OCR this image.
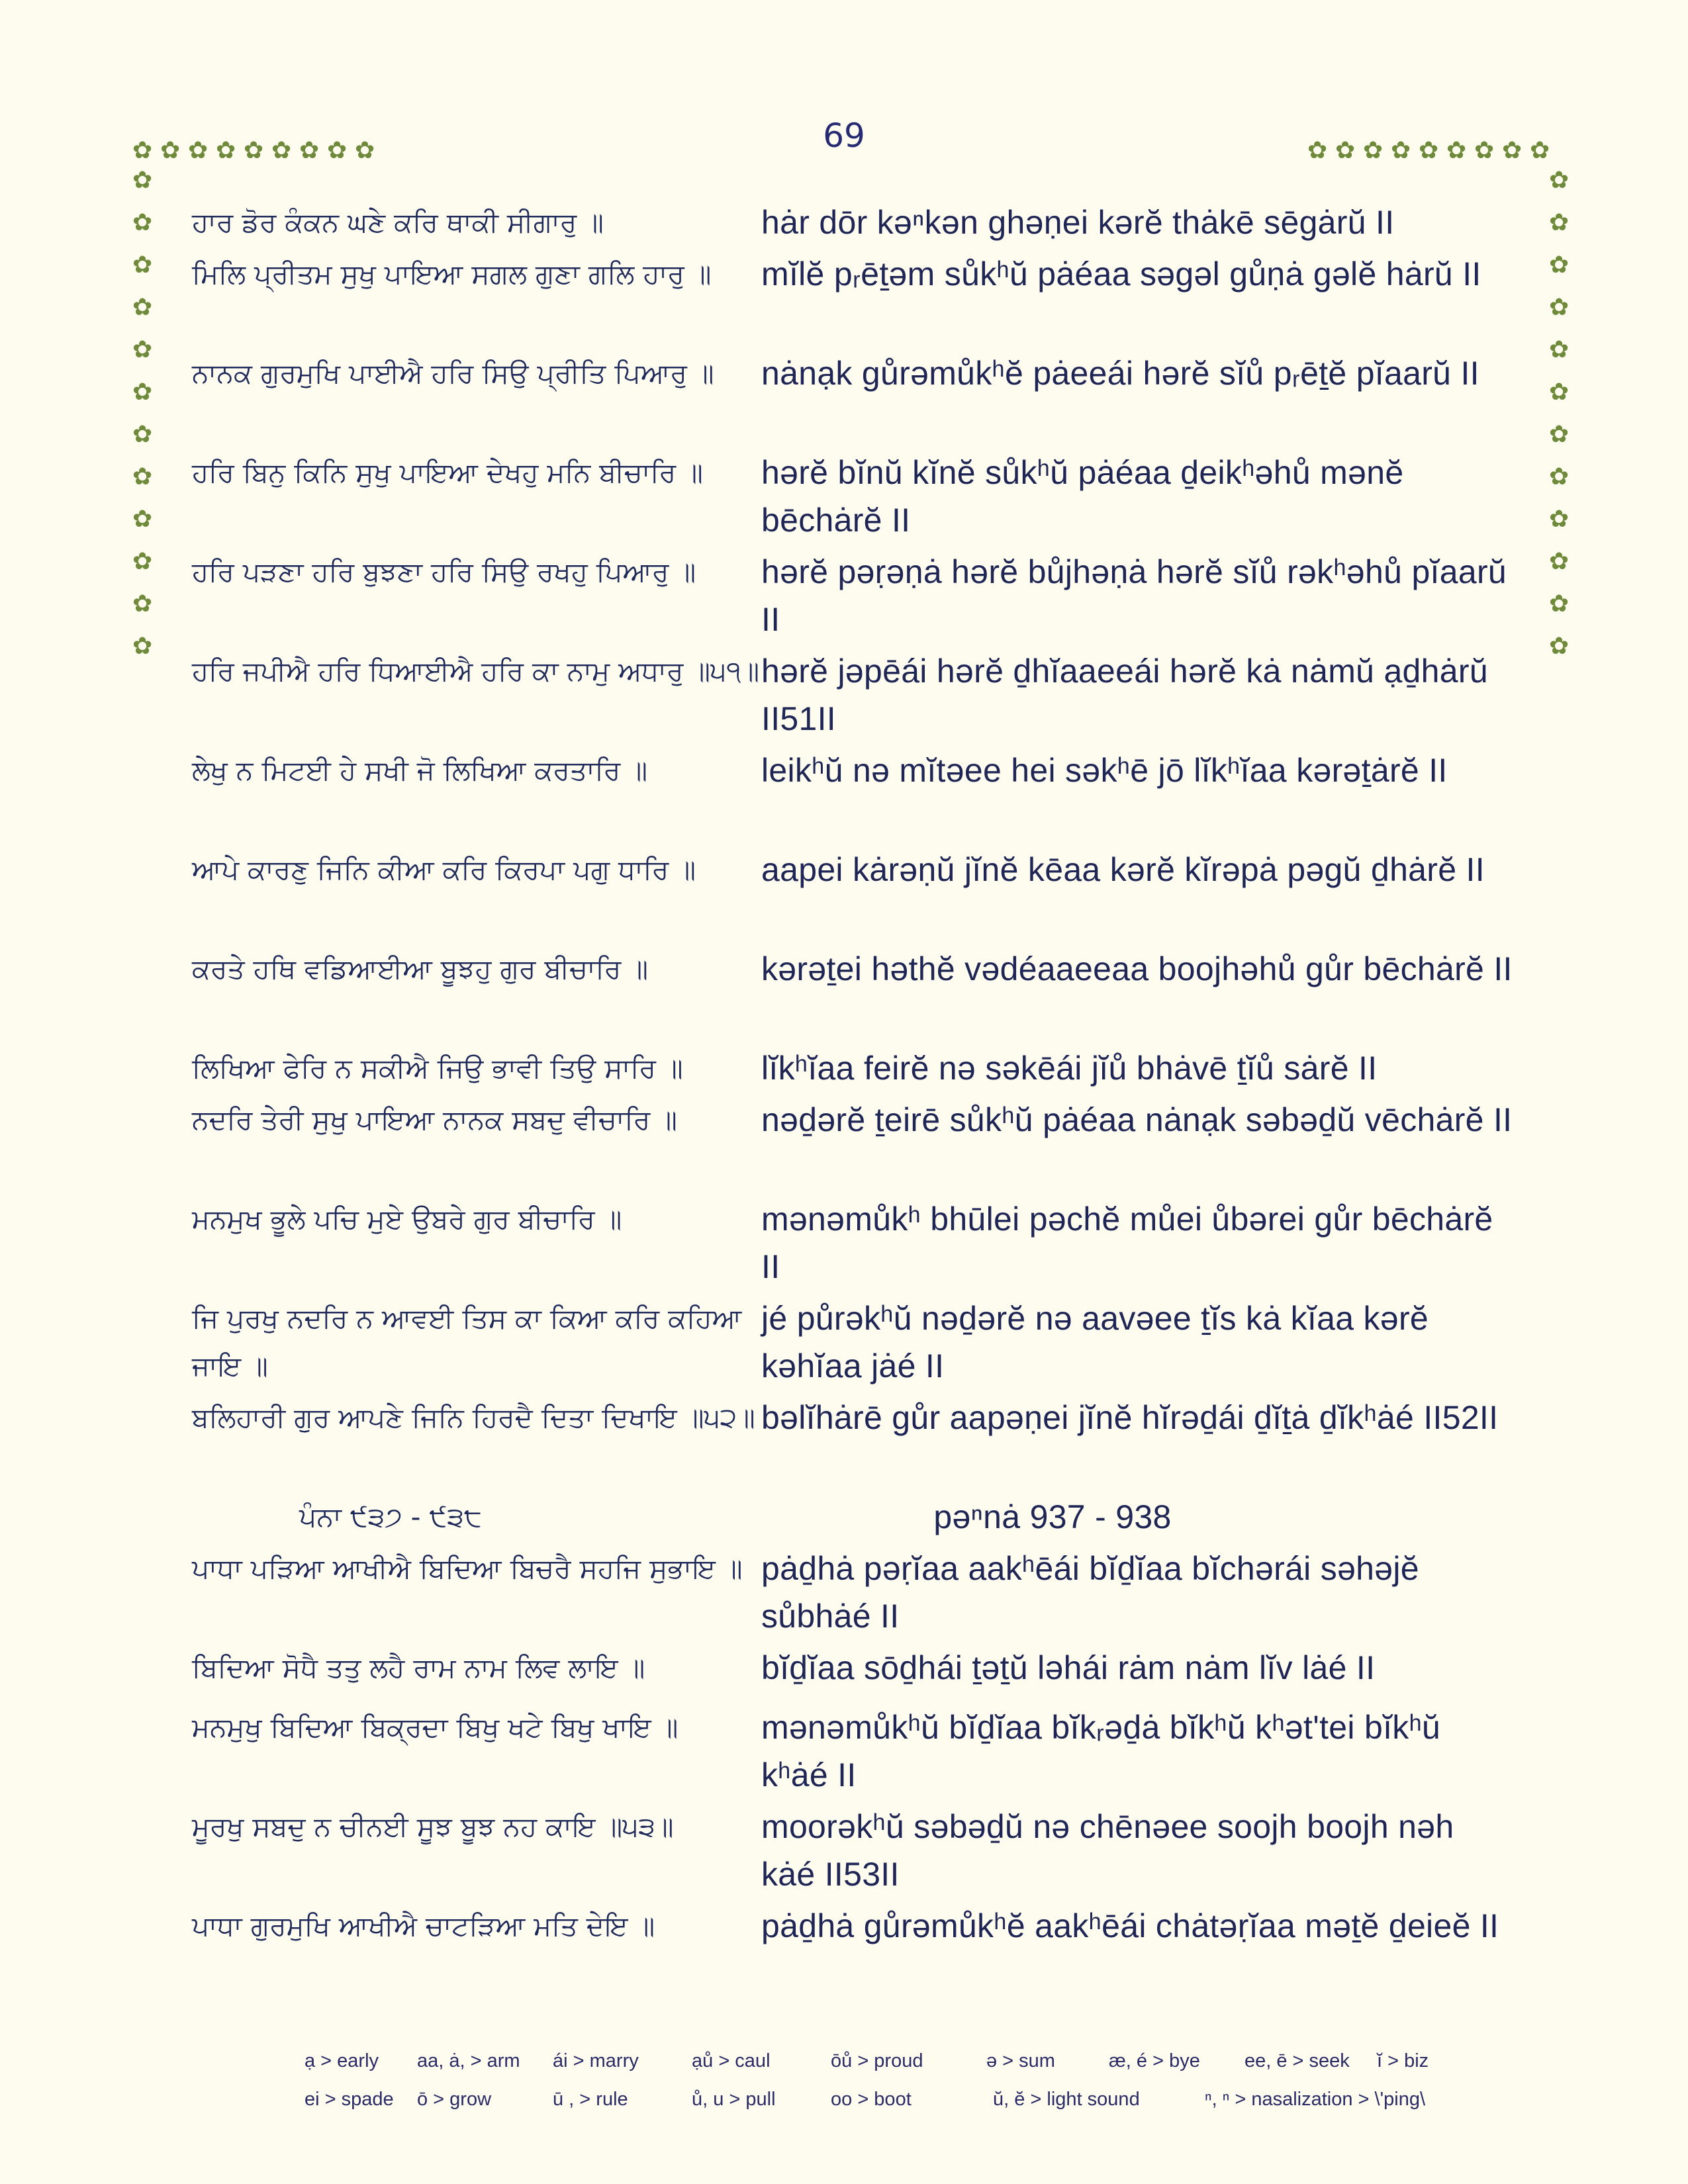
69
✿ ✿ ✿ ✿ ✿ ✿ ✿ ✿ ✿	✿ ✿ ✿ ✿ ✿ ✿ ✿ ✿ ✿
✿
✿
✿
✿
✿
✿
✿
✿
✿
✿
✿
✿
✿
✿
✿
✿
✿
✿
✿
✿
✿
✿
✿
✿
ਹਾਰ ਡੋਰ ਕੰਕਨ ਘਣੇ ਕਰਿ ਥਾਕੀ ਸੀਗਾਰੁ ॥	hȧr dōr kəⁿkən ghəṇei kərĕ thȧkē sēgȧrŭ II
ਮਿਲਿ ਪ੍ਰੀਤਮ ਸੁਖੁ ਪਾਇਆ ਸਗਲ ਗੁਣਾ ਗਲਿ ਹਾਰੁ ॥	mĭlĕ pᵣēṯəm sůkʰŭ pȧéaa səgəl gůṇȧ gəlĕ hȧrŭ II
ਨਾਨਕ ਗੁਰਮੁਖਿ ਪਾਈਐ ਹਰਿ ਸਿਉ ਪ੍ਰੀਤਿ ਪਿਆਰੁ ॥	nȧnạk gůrəmůkʰĕ pȧeeái hərĕ sĭů pᵣēṯĕ pĭaarŭ II
ਹਰਿ ਬਿਨੁ ਕਿਨਿ ਸੁਖੁ ਪਾਇਆ ਦੇਖਹੁ ਮਨਿ ਬੀਚਾਰਿ ॥	hərĕ bĭnŭ kĭnĕ sůkʰŭ pȧéaa ḏeikʰəhů mənĕ bēchȧrĕ II
ਹਰਿ ਪੜਣਾ ਹਰਿ ਬੁਝਣਾ ਹਰਿ ਸਿਉ ਰਖਹੁ ਪਿਆਰੁ ॥	hərĕ pəṛəṇȧ hərĕ bůjhəṇȧ hərĕ sĭů rəkʰəhů pĭaarŭ II
ਹਰਿ ਜਪੀਐ ਹਰਿ ਧਿਆਈਐ ਹਰਿ ਕਾ ਨਾਮੁ ਅਧਾਰੁ ॥੫੧॥ hərĕ jəpēái hərĕ ḏhĭaaeeái hərĕ kȧ nȧmŭ ạḏhȧrŭ II51II
ਲੇਖੁ ਨ ਮਿਟਈ ਹੇ ਸਖੀ ਜੋ ਲਿਖਿਆ ਕਰਤਾਰਿ ॥	leikʰŭ nə mĭtəee hei səkʰē jō lĭkʰĭaa kərəṯȧrĕ II
ਆਪੇ ਕਾਰਣੁ ਜਿਨਿ ਕੀਆ ਕਰਿ ਕਿਰਪਾ ਪਗੁ ਧਾਰਿ ॥	aapei kȧrəṇŭ jĭnĕ kēaa kərĕ kĭrəpȧ pəgŭ ḏhȧrĕ II
ਕਰਤੇ ਹਥਿ ਵਡਿਆਈਆ ਬੂਝਹੁ ਗੁਰ ਬੀਚਾਰਿ ॥	kərəṯei həthĕ vədéaaeeaa boojhəhů gůr bēchȧrĕ II
ਲਿਖਿਆ ਫੇਰਿ ਨ ਸਕੀਐ ਜਿਉ ਭਾਵੀ ਤਿਉ ਸਾਰਿ ॥	lĭkʰĭaa feirĕ nə səkēái jĭů bhȧvē ṯĭů sȧrĕ II
ਨਦਰਿ ਤੇਰੀ ਸੁਖੁ ਪਾਇਆ ਨਾਨਕ ਸਬਦੁ ਵੀਚਾਰਿ ॥	nəḏərĕ ṯeirē sůkʰŭ pȧéaa nȧnạk səbəḏŭ vēchȧrĕ II
ਮਨਮੁਖ ਭੂਲੇ ਪਚਿ ਮੁਏ ਉਬਰੇ ਗੁਰ ਬੀਚਾਰਿ ॥	mənəmůkʰ bhūlei pəchĕ můei ůbərei gůr bēchȧrĕ II
ਜਿ ਪੁਰਖੁ ਨਦਰਿ ਨ ਆਵਈ ਤਿਸ ਕਾ ਕਿਆ ਕਰਿ ਕਹਿਆ ਜਾਇ ॥
jé půrəkʰŭ nəḏərĕ nə aavəee ṯĭs kȧ kĭaa kərĕ kəhĭaa jȧé II
ਬਲਿਹਾਰੀ ਗੁਰ ਆਪਣੇ ਜਿਨਿ ਹਿਰਦੈ ਦਿਤਾ ਦਿਖਾਇ ॥੫੨॥ bəlĭhȧrē gůr aapəṇei jĭnĕ hĭrəḏái ḏĭṯȧ ḏĭkʰȧé II52II
ਪੰਨਾ ੯੩੭ - ੯੩੮	pəⁿnȧ 937 - 938
ਪਾਧਾ ਪੜਿਆ ਆਖੀਐ ਬਿਦਿਆ ਬਿਚਰੈ ਸਹਜਿ ਸੁਭਾਇ ॥ pȧḏhȧ pəṛĭaa aakʰēái bĭḏĭaa bĭchərái səhəjĕ sůbhȧé II
ਬਿਦਿਆ ਸੋਧੈ ਤਤੁ ਲਹੈ ਰਾਮ ਨਾਮ ਲਿਵ ਲਾਇ ॥	bĭḏĭaa sōḏhái ṯəṯŭ ləhái rȧm nȧm lĭv lȧé II
ਮਨਮੁਖੁ ਬਿਦਿਆ ਬਿਕ੍ਰਦਾ ਬਿਖੁ ਖਟੇ ਬਿਖੁ ਖਾਇ ॥	mənəmůkʰŭ bĭḏĭaa bĭkᵣəḏȧ bĭkʰŭ kʰət'tei bĭkʰŭ kʰȧé II
ਮੂਰਖੁ ਸਬਦੁ ਨ ਚੀਨਈ ਸੂਝ ਬੂਝ ਨਹ ਕਾਇ ॥੫੩॥	moorəkʰŭ səbəḏŭ nə chēnəee soojh boojh nəh kȧé II53II
ਪਾਧਾ ਗੁਰਮੁਖਿ ਆਖੀਐ ਚਾਟੜਿਆ ਮਤਿ ਦੇਇ ॥	pȧḏhȧ gůrəmůkʰĕ aakʰēái chȧtəṛĭaa məṯĕ ḏeieĕ II
ạ > early	aa, ȧ, > arm	ái > marry	ạů > caul	ōů > proud	ə > sum	æ, é > bye	ee, ē > seek	ĭ > biz
ei > spade	ō > grow	ū , > rule	ů, u > pull	oo > boot	ŭ, ĕ > light sound	ⁿ, ⁿ > nasalization > \'ping\
